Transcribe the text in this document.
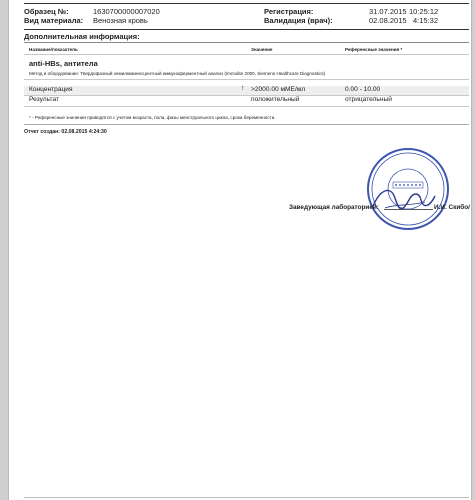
Образец №:	1630700000007020	Регистрация:	31.07.2015 10:25:12
Вид материала: Венозная кровь	Валидация (врач):	02.08.2015 4:15:32
Дополнительная информация:
Название/показатель	Значение	Референсные значения *
anti-HBs, антитела
Метод и оборудование: Твердофазный хемилюминесцентный иммуноферментный анализ (Immulite 2000, Siemens Healthcare Diagnostics)
Концентрация	↑ >2000.00 мМЕ/мл	0.00 - 10.00
Результат	положительный	отрицательный
* - Референсные значения приводятся с учетом возраста, пола, фазы менструального цикла, срока беременности.
Отчет создан: 02.08.2015 4:24:30
Заведующая лабораторией:	И.И. Скибо/
